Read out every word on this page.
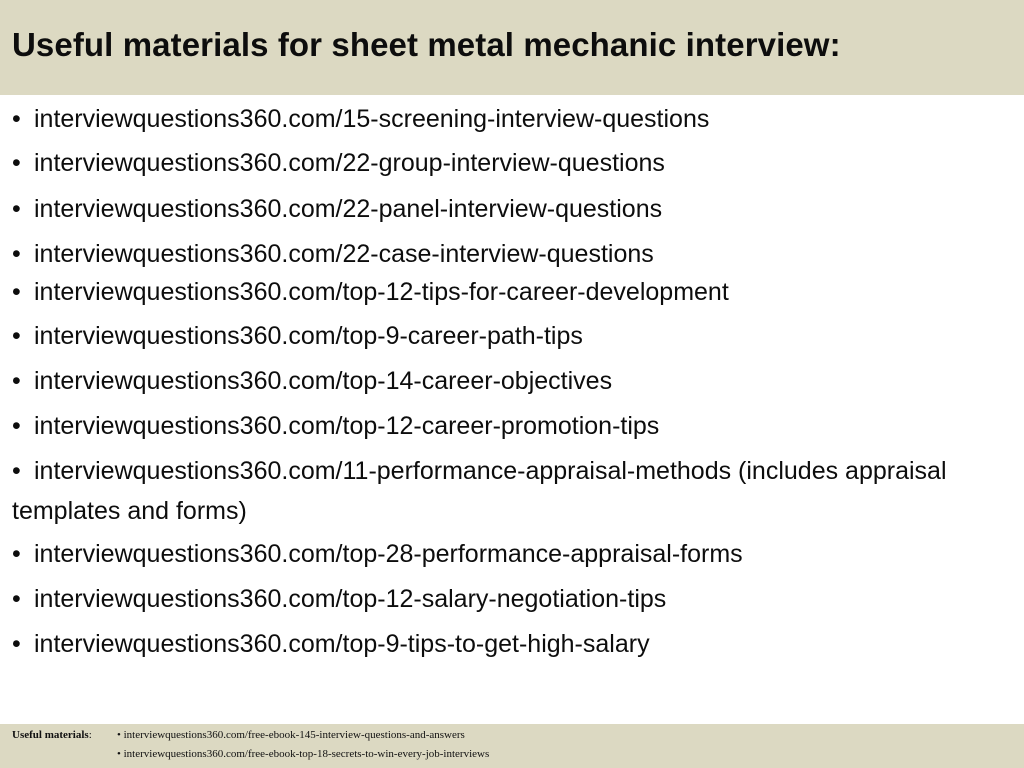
Useful materials for sheet metal mechanic interview:
• interviewquestions360.com/15-screening-interview-questions
• interviewquestions360.com/22-group-interview-questions
• interviewquestions360.com/22-panel-interview-questions
• interviewquestions360.com/22-case-interview-questions
• interviewquestions360.com/top-12-tips-for-career-development
• interviewquestions360.com/top-9-career-path-tips
• interviewquestions360.com/top-14-career-objectives
• interviewquestions360.com/top-12-career-promotion-tips
• interviewquestions360.com/11-performance-appraisal-methods (includes appraisal templates and forms)
• interviewquestions360.com/top-28-performance-appraisal-forms
• interviewquestions360.com/top-12-salary-negotiation-tips
• interviewquestions360.com/top-9-tips-to-get-high-salary
Useful materials: • interviewquestions360.com/free-ebook-145-interview-questions-and-answers
• interviewquestions360.com/free-ebook-top-18-secrets-to-win-every-job-interviews
